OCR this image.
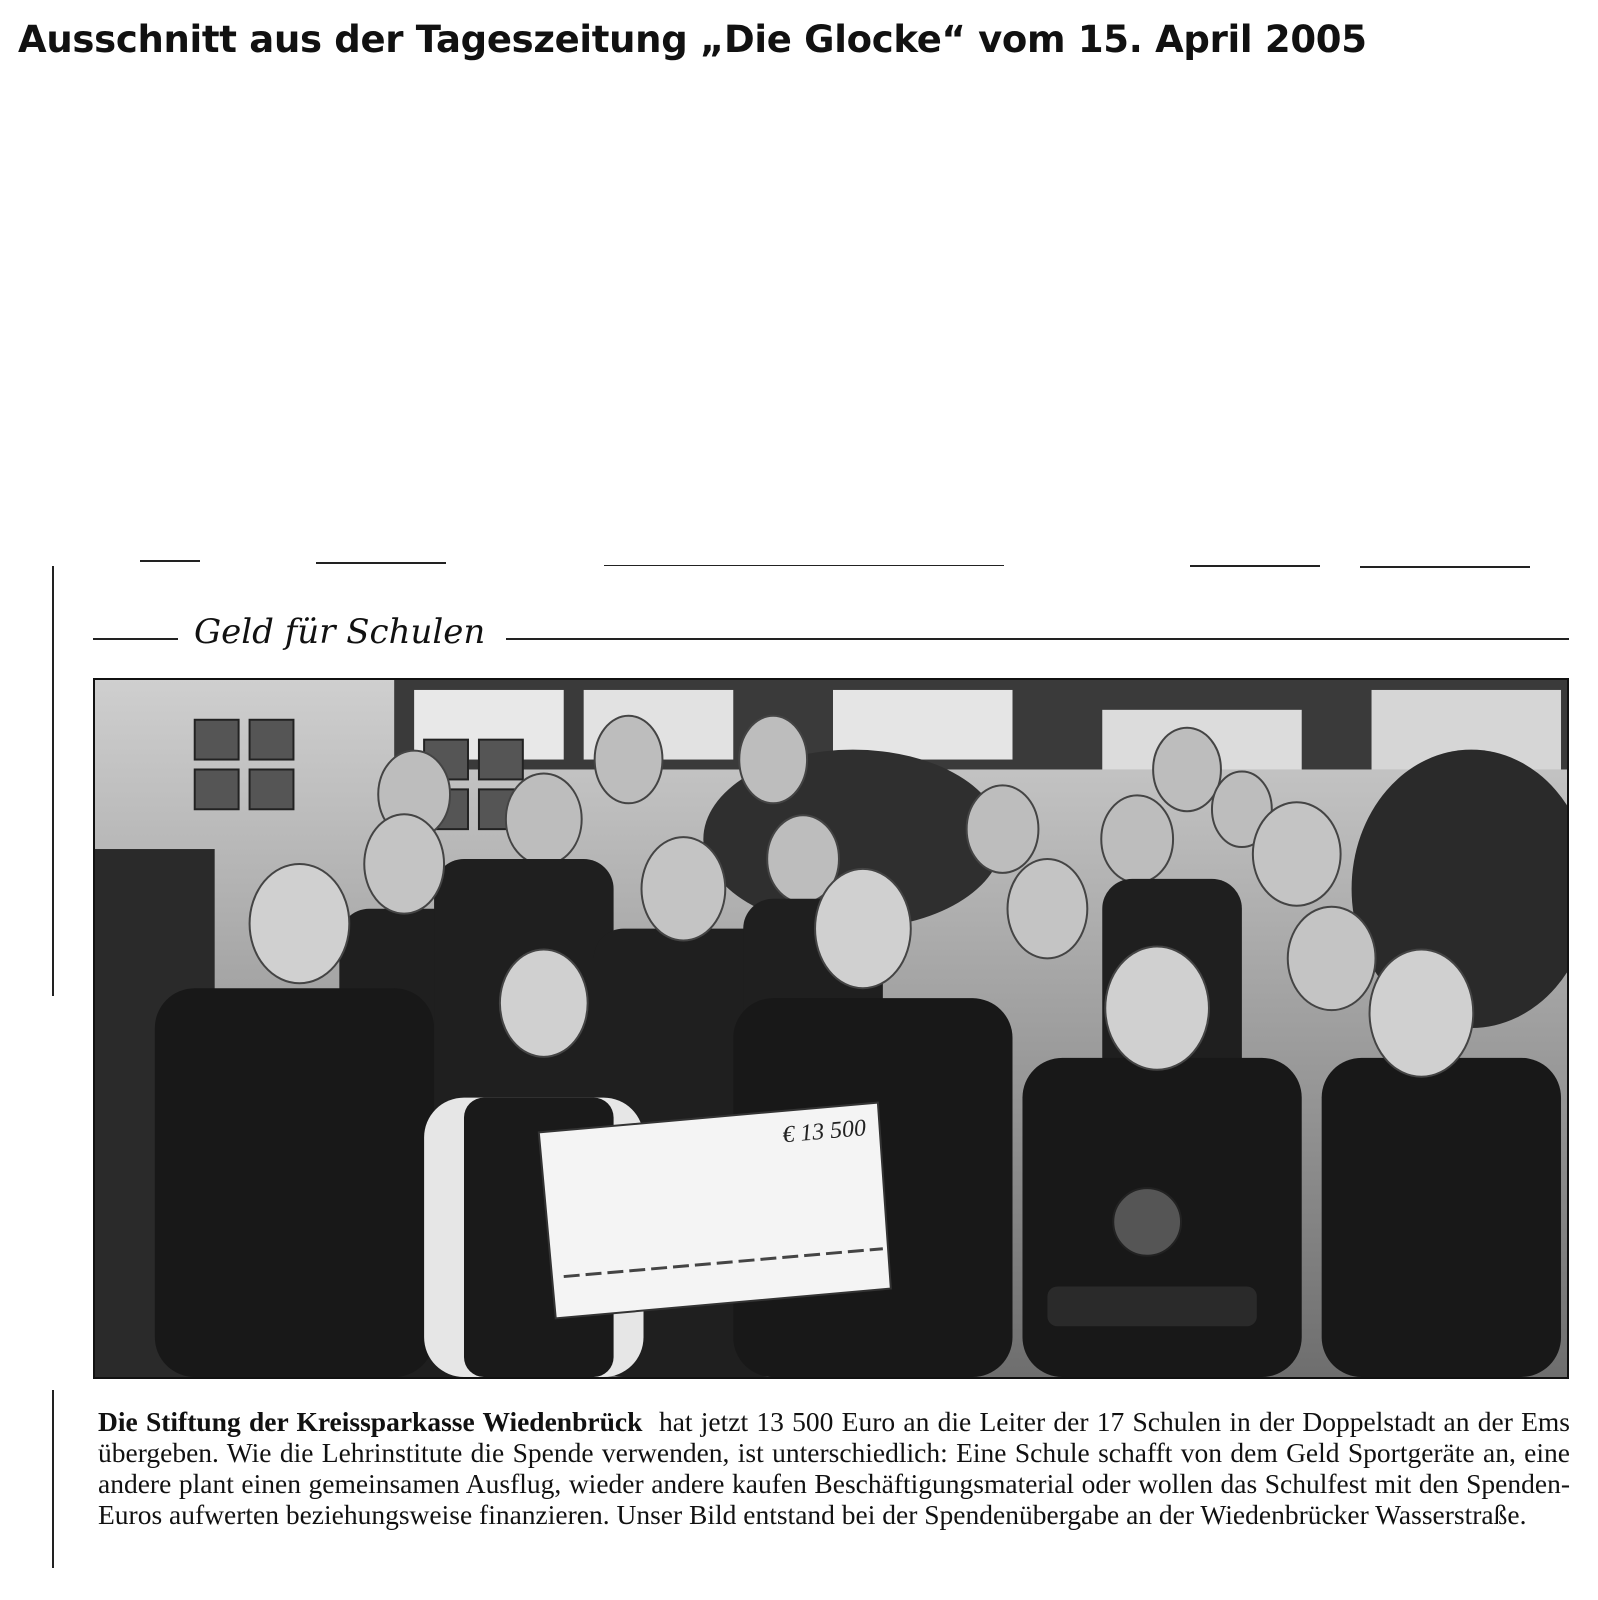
Ausschnitt aus der Tageszeitung „Die Glocke“ vom 15. April 2005
Geld für Schulen
€ 13 500
Die Stiftung der Kreissparkasse Wiedenbrück hat jetzt 13 500 Euro an die Leiter der 17 Schulen in der Doppelstadt an der Ems übergeben. Wie die Lehrinstitute die Spende verwenden, ist unterschiedlich: Eine Schule schafft von dem Geld Sportgeräte an, eine andere plant einen gemeinsamen Ausflug, wieder andere kaufen Beschäftigungsmaterial oder wollen das Schulfest mit den Spenden-Euros aufwerten beziehungsweise finanzieren. Unser Bild entstand bei der Spendenübergabe an der Wiedenbrücker Wasserstraße.
